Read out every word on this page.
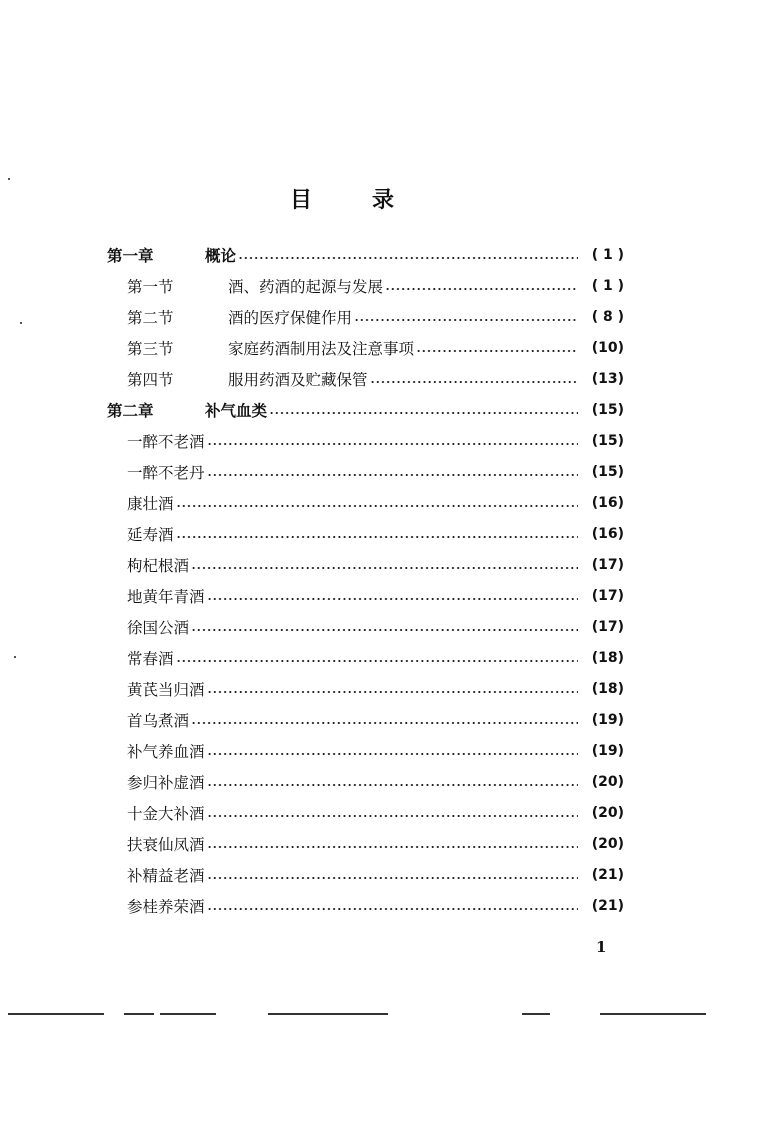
目	录
第一章	概论	( 1 )
第一节	酒、药酒的起源与发展	( 1 )
第二节	酒的医疗保健作用	( 8 )
第三节	家庭药酒制用法及注意事项	(10)
第四节	服用药酒及贮藏保管	(13)
第二章	补气血类	(15)
一醉不老酒	(15)
一醉不老丹	(15)
康壮酒	(16)
延寿酒	(16)
枸杞根酒	(17)
地黄年青酒	(17)
徐国公酒	(17)
常春酒	(18)
黄芪当归酒	(18)
首乌煮酒	(19)
补气养血酒	(19)
参归补虚酒	(20)
十金大补酒	(20)
扶衰仙凤酒	(20)
补精益老酒	(21)
参桂养荣酒	(21)
1
